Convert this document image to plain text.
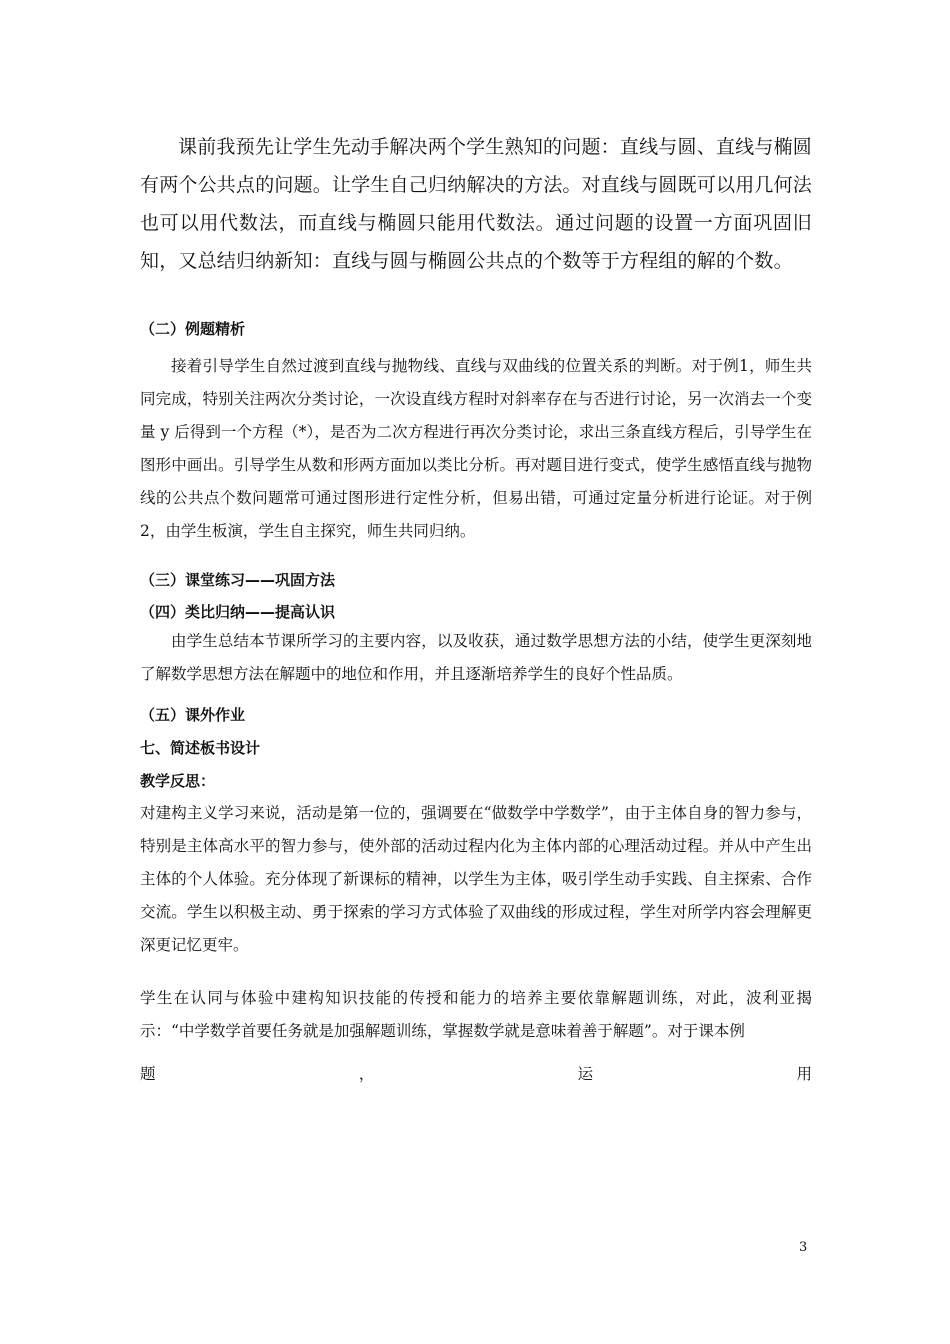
课前我预先让学生先动手解决两个学生熟知的问题：直线与圆、直线与椭圆有两个公共点的问题。让学生自己归纳解决的方法。对直线与圆既可以用几何法也可以用代数法，而直线与椭圆只能用代数法。通过问题的设置一方面巩固旧知，又总结归纳新知：直线与圆与椭圆公共点的个数等于方程组的解的个数。

（二）例题精析

接着引导学生自然过渡到直线与抛物线、直线与双曲线的位置关系的判断。对于例1，师生共同完成，特别关注两次分类讨论，一次设直线方程时对斜率存在与否进行讨论，另一次消去一个变量 y 后得到一个方程（*），是否为二次方程进行再次分类讨论，求出三条直线方程后，引导学生在图形中画出。引导学生从数和形两方面加以类比分析。再对题目进行变式，使学生感悟直线与抛物线的公共点个数问题常可通过图形进行定性分析，但易出错，可通过定量分析进行论证。对于例2，由学生板演，学生自主探究，师生共同归纳。

（三）课堂练习——巩固方法

（四）类比归纳——提高认识

由学生总结本节课所学习的主要内容，以及收获，通过数学思想方法的小结，使学生更深刻地了解数学思想方法在解题中的地位和作用，并且逐渐培养学生的良好个性品质。

（五）课外作业

七、简述板书设计

教学反思：

对建构主义学习来说，活动是第一位的，强调要在“做数学中学数学”，由于主体自身的智力参与，特别是主体高水平的智力参与，使外部的活动过程内化为主体内部的心理活动过程。并从中产生出主体的个人体验。充分体现了新课标的精神，以学生为主体，吸引学生动手实践、自主探索、合作交流。学生以积极主动、勇于探索的学习方式体验了双曲线的形成过程，学生对所学内容会理解更深更记忆更牢。

学生在认同与体验中建构知识技能的传授和能力的培养主要依靠解题训练，对此，波利亚揭示：“中学数学首要任务就是加强解题训练，掌握数学就是意味着善于解题”。对于课本例

题	，	运	用
3
